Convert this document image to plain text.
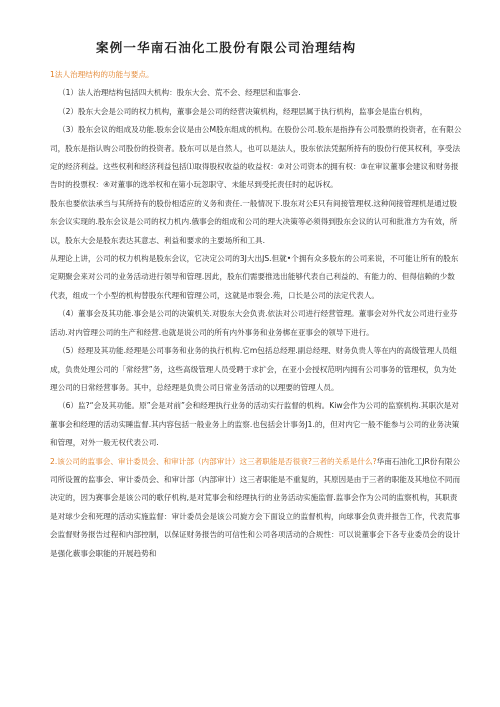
案例一华南石油化工股份有限公司治理结构

1法人治理结构的功能与要点。

（1）法人治理结构包括四大机构：股东大会、荒不会、经理层和监事会.

（2）股东大会是公司的权力机构，董事会是公司的经营决策机构，经理层属于执行机构，监事会是监台机构，

（3）股东会议的组成及功能.股东会议是由公M股东组成的机构。在股份公司.股东是指挣有公司股票的投资者，在有限公司，股东是指认购公司股份的投资者。股东可以是自然人，也可以是法人，股东依法凭据所持有的股份行使其权利，享受法定的经济利益。这些权利和经济利益包括⑴取得股权收益的收益权：②对公司资本的拥有权：③在审议董事会建议和财务报告时的投票权：④对董事的选举权和在第小玩忽职守、未能尽到受托责任时的起诉权。

股东也要依法承当与其所持有的股份相适应的义务和责任.一般情况下.股东对公E只有间接管理权.这种间接管理机是通过股东会议实现的.股东会议是公司的权力机内.俄事会的组成和公司的理大决策等必须得到股东会议的认可和批准方为有效，所以，股东大会是股东表达其意志、利益和要求的主要场所和工具.

从理论上讲，公司的权力机构是股东会议，它决定公司的3J大出JS.但就•个拥有众多股东的公司来说，不可能让所有的股东定期聚会来对公司的业务活动进行领导和管理.因此，股东们需要推选出能够代表自己利益的、有能力的、但得信赖的少数代表，组成一个小型的机构替股东代理和管理公司，这就是市裂会.苑，口长是公司的法定代表人。

（4）董事会及其功能.事会是公司的决策机关.对股东大会负责.依法对公司进行经营管理。董事会对外代友公司进行业芬活动.对内管理公司的生产和经营.也就是说公司的所有内外事务和业务梆在亚事会的领导下进行。

（5）经理及其功能.经理是公司事务和业务的执行机构.它m包括总经理.副总经理、财务负贵人等在内的高级管理人员组成，负贵处理公司的「常经营”务，这些高级管理人员受聘于求扩会，在亚小会授权范明内拥有公司事务的管理权，负为处理公司的日常经营事务。其中，总经理是负贵公司日常业务活动的以理要的管理人员。

（6）监?“会及其功能。原”会是对前”会和经理执行业务的活动实行监督的机构。Kiw会作为公司的监察机构.其职次是对董事会和经理的活动实睡监督.其内容包括一般业务上的监察.也包括会计事务J1.的，但对内它一般不能参与公司的业务决策和管理，对外一般无权代表公司.

2.该公司的监事会、审计委员会、和审计部（内部审计）这三者职能是否很衰?三者的关系是什么?华南石油化工JR份有限公司所设置的监事会、审计委员会、和审计部（内部审计）这三者职能是不重复的，其原因是由于三者的职能及其地位不同而决定的，因为赛事会是该公司的歌仔机构,是对荒事会和经理执行的业务活动实施监督.监事会作为公司的监察机构，其职责是对球少会和死理的活动实施监督：审计委员会是该公司旋方会下面设立的监督机构，向球事会负责并报告工作，代表荒事会监督财务报告过程和内部控制，以保证财务报告的可信性和公司各项活动的合规性：可以说董事会下各专业委员会的设计是强化薮事会职能的开展趋势和
